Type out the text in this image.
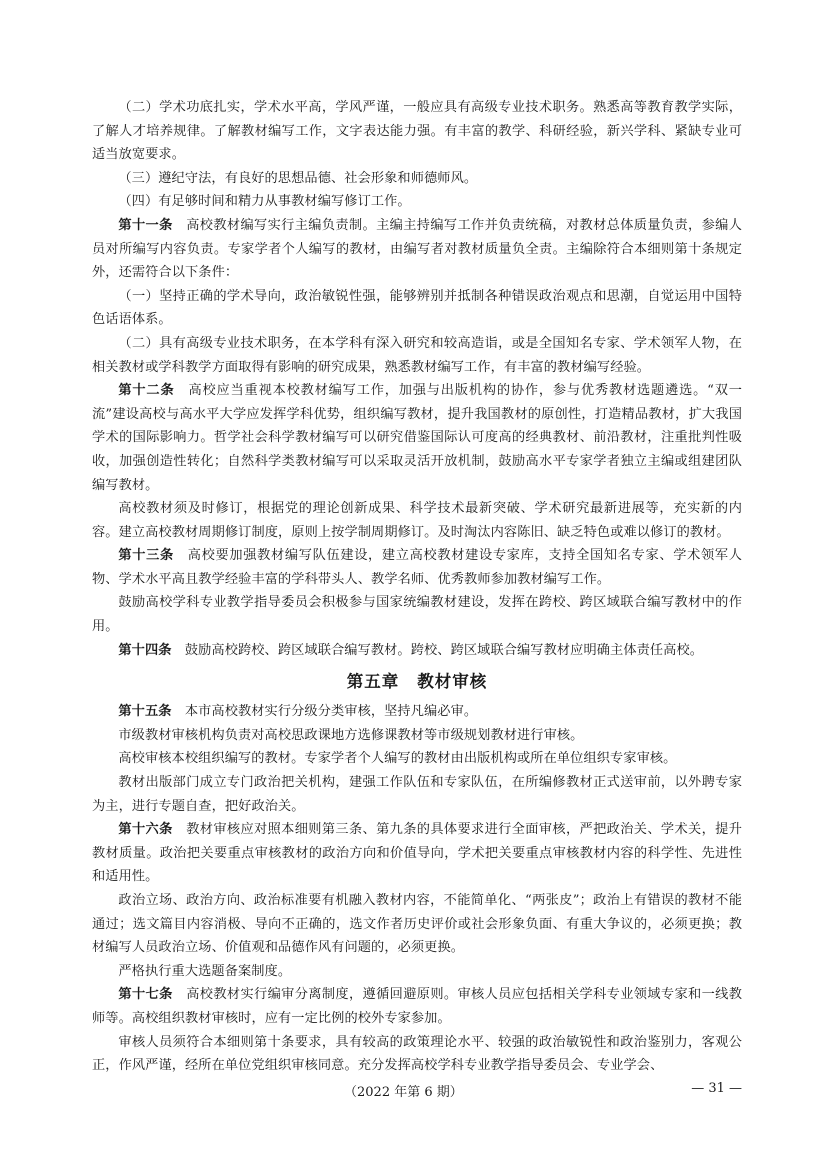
（二）学术功底扎实，学术水平高，学风严谨，一般应具有高级专业技术职务。熟悉高等教育教学实际，了解人才培养规律。了解教材编写工作，文字表达能力强。有丰富的教学、科研经验，新兴学科、紧缺专业可适当放宽要求。

（三）遵纪守法，有良好的思想品德、社会形象和师德师风。

（四）有足够时间和精力从事教材编写修订工作。

第十一条　高校教材编写实行主编负责制。主编主持编写工作并负责统稿，对教材总体质量负责，参编人员对所编写内容负责。专家学者个人编写的教材，由编写者对教材质量负全责。主编除符合本细则第十条规定外，还需符合以下条件：

（一）坚持正确的学术导向，政治敏锐性强，能够辨别并抵制各种错误政治观点和思潮，自觉运用中国特色话语体系。

（二）具有高级专业技术职务，在本学科有深入研究和较高造诣，或是全国知名专家、学术领军人物，在相关教材或学科教学方面取得有影响的研究成果，熟悉教材编写工作，有丰富的教材编写经验。

第十二条　高校应当重视本校教材编写工作，加强与出版机构的协作，参与优秀教材选题遴选。“双一流”建设高校与高水平大学应发挥学科优势，组织编写教材，提升我国教材的原创性，打造精品教材，扩大我国学术的国际影响力。哲学社会科学教材编写可以研究借鉴国际认可度高的经典教材、前沿教材，注重批判性吸收，加强创造性转化；自然科学类教材编写可以采取灵活开放机制，鼓励高水平专家学者独立主编或组建团队编写教材。

高校教材须及时修订，根据党的理论创新成果、科学技术最新突破、学术研究最新进展等，充实新的内容。建立高校教材周期修订制度，原则上按学制周期修订。及时淘汰内容陈旧、缺乏特色或难以修订的教材。

第十三条　高校要加强教材编写队伍建设，建立高校教材建设专家库，支持全国知名专家、学术领军人物、学术水平高且教学经验丰富的学科带头人、教学名师、优秀教师参加教材编写工作。

鼓励高校学科专业教学指导委员会积极参与国家统编教材建设，发挥在跨校、跨区域联合编写教材中的作用。

第十四条　鼓励高校跨校、跨区域联合编写教材。跨校、跨区域联合编写教材应明确主体责任高校。

第五章 教材审核

第十五条　本市高校教材实行分级分类审核，坚持凡编必审。

市级教材审核机构负责对高校思政课地方选修课教材等市级规划教材进行审核。

高校审核本校组织编写的教材。专家学者个人编写的教材由出版机构或所在单位组织专家审核。

教材出版部门成立专门政治把关机构，建强工作队伍和专家队伍，在所编修教材正式送审前，以外聘专家为主，进行专题自查，把好政治关。

第十六条　教材审核应对照本细则第三条、第九条的具体要求进行全面审核，严把政治关、学术关，提升教材质量。政治把关要重点审核教材的政治方向和价值导向，学术把关要重点审核教材内容的科学性、先进性和适用性。

政治立场、政治方向、政治标准要有机融入教材内容，不能简单化、“两张皮”；政治上有错误的教材不能通过；选文篇目内容消极、导向不正确的，选文作者历史评价或社会形象负面、有重大争议的，必须更换；教材编写人员政治立场、价值观和品德作风有问题的，必须更换。

严格执行重大选题备案制度。

第十七条　高校教材实行编审分离制度，遵循回避原则。审核人员应包括相关学科专业领域专家和一线教师等。高校组织教材审核时，应有一定比例的校外专家参加。

审核人员须符合本细则第十条要求，具有较高的政策理论水平、较强的政治敏锐性和政治鉴别力，客观公正，作风严谨，经所在单位党组织审核同意。充分发挥高校学科专业教学指导委员会、专业学会、

（2022 年第 6 期）	— 31 —
